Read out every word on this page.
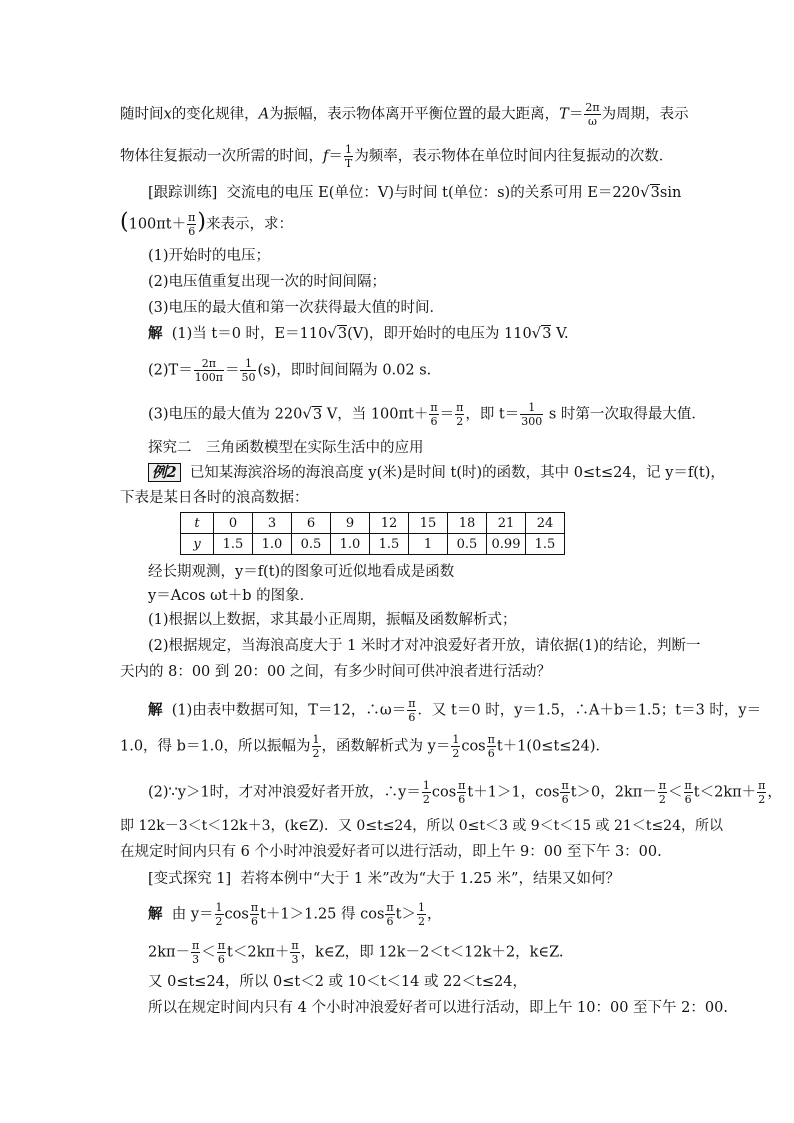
随时间x的变化规律，A为振幅，表示物体离开平衡位置的最大距离，$T= \frac{2\pi}{\omega}$ 为周期，表示
物体往复振动一次所需的时间，$f= \frac{1}{T}$ 为频率，表示物体在单位时间内往复振动的次数．
[跟踪训练] 交流电的电压 E(单位：V)与时间 t(单位：s)的关系可用 E＝220√3sin
($100\pi t+ \frac{\pi}{6}$ )来表示，求：
(1)开始时的电压；
(2)电压值重复出现一次的时间间隔；
(3)电压的最大值和第一次获得最大值的时间．
解 (1)当 t＝0 时，E＝110√3(V)，即开始时的电压为 110√3 V.
$(2)T= \frac{2\pi}{100\pi} = \frac{1}{50} (s)$，即时间间隔为 0.02 s.
(3)电压的最大值为 220√3 V，当 $100\pi t+ \frac{\pi}{6} = \frac{\pi}{2}$ ，即 $t= \frac{1}{300}$ s 时第一次取得最大值．
探究二　三角函数模型在实际生活中的应用
例2 已知某海滨浴场的海浪高度 y(米)是时间 t(时)的函数，其中 0≤t≤24，记 y＝f(t)，
下表是某日各时的浪高数据：
t	0	3	6	9	12	15	18	21	24
y	1.5	1.0	0.5	1.0	1.5	1	0.5	0.99	1.5
经长期观测，y＝f(t)的图象可近似地看成是函数
y＝Acos ωt＋b 的图象．
(1)根据以上数据，求其最小正周期，振幅及函数解析式；
(2)根据规定，当海浪高度大于 1 米时才对冲浪爱好者开放，请依据(1)的结论，判断一
天内的 8：00 到 20：00 之间，有多少时间可供冲浪者进行活动？
解 (1)由表中数据可知，T＝12，∴ω＝ $\frac{\pi}{6}$ ．又 t＝0 时，y＝1.5，∴A＋b＝1.5；t＝3 时，y＝
1.0，得 b＝1.0，所以振幅为 $\frac{1}{2}$ ，函数解析式为 $y= \frac{1}{2}$ $\cos \frac{\pi}{6} t+1(0\le t\le 24)$．
(2)∵y＞1时，才对冲浪爱好者开放，∴y＝ $\frac{1}{2}$ $\cos \frac{\pi}{6} t+1>1$，$\cos \frac{\pi}{6} t>0$，$2k\pi- \frac{\pi}{2} < \frac{\pi}{6} t<2k\pi+ \frac{\pi}{2}$ ，
即 12k－3＜t＜12k＋3，(k∈Z)．又 0≤t≤24，所以 0≤t＜3 或 9＜t＜15 或 21＜t≤24，所以
在规定时间内只有 6 个小时冲浪爱好者可以进行活动，即上午 9：00 至下午 3：00.
[变式探究 1] 若将本例中“大于 1 米”改为“大于 1.25 米”，结果又如何？
解 由 $y= \frac{1}{2}$ $\cos \frac{\pi}{6} t+1>1.25$ 得 $\cos \frac{\pi}{6} t> \frac{1}{2}$ ，
$2k\pi- \frac{\pi}{3} < \frac{\pi}{6} t<2k\pi+ \frac{\pi}{3}$ ，k∈Z，即 12k－2＜t＜12k＋2，k∈Z.
又 0≤t≤24，所以 0≤t＜2 或 10＜t＜14 或 22＜t≤24，
所以在规定时间内只有 4 个小时冲浪爱好者可以进行活动，即上午 10：00 至下午 2：00.
